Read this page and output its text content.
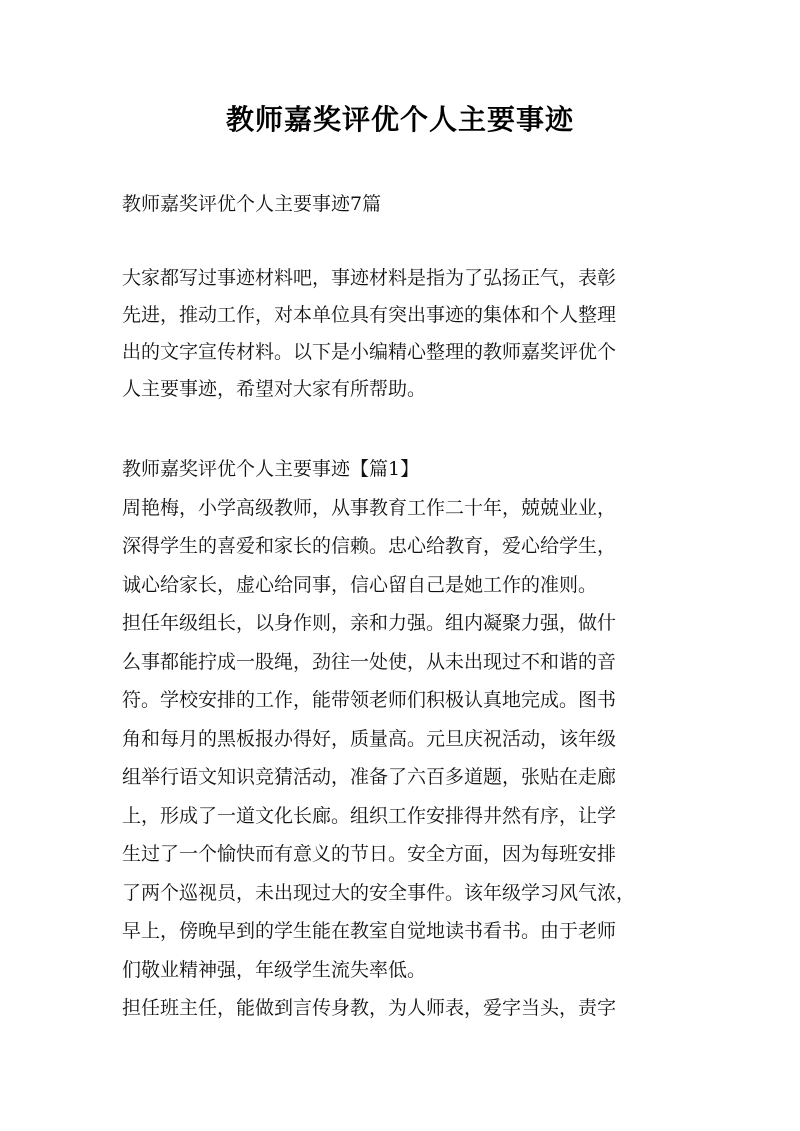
教师嘉奖评优个人主要事迹
教师嘉奖评优个人主要事迹7篇
大家都写过事迹材料吧，事迹材料是指为了弘扬正气，表彰
先进，推动工作，对本单位具有突出事迹的集体和个人整理
出的文字宣传材料。以下是小编精心整理的教师嘉奖评优个
人主要事迹，希望对大家有所帮助。
教师嘉奖评优个人主要事迹【篇1】
周艳梅，小学高级教师，从事教育工作二十年，兢兢业业，
深得学生的喜爱和家长的信赖。忠心给教育，爱心给学生，
诚心给家长，虚心给同事，信心留自己是她工作的准则。
担任年级组长，以身作则，亲和力强。组内凝聚力强，做什
么事都能拧成一股绳，劲往一处使，从未出现过不和谐的音
符。学校安排的工作，能带领老师们积极认真地完成。图书
角和每月的黑板报办得好，质量高。元旦庆祝活动，该年级
组举行语文知识竞猜活动，准备了六百多道题，张贴在走廊
上，形成了一道文化长廊。组织工作安排得井然有序，让学
生过了一个愉快而有意义的节日。安全方面，因为每班安排
了两个巡视员，未出现过大的安全事件。该年级学习风气浓，
早上，傍晚早到的学生能在教室自觉地读书看书。由于老师
们敬业精神强，年级学生流失率低。
担任班主任，能做到言传身教，为人师表，爱字当头，责字
